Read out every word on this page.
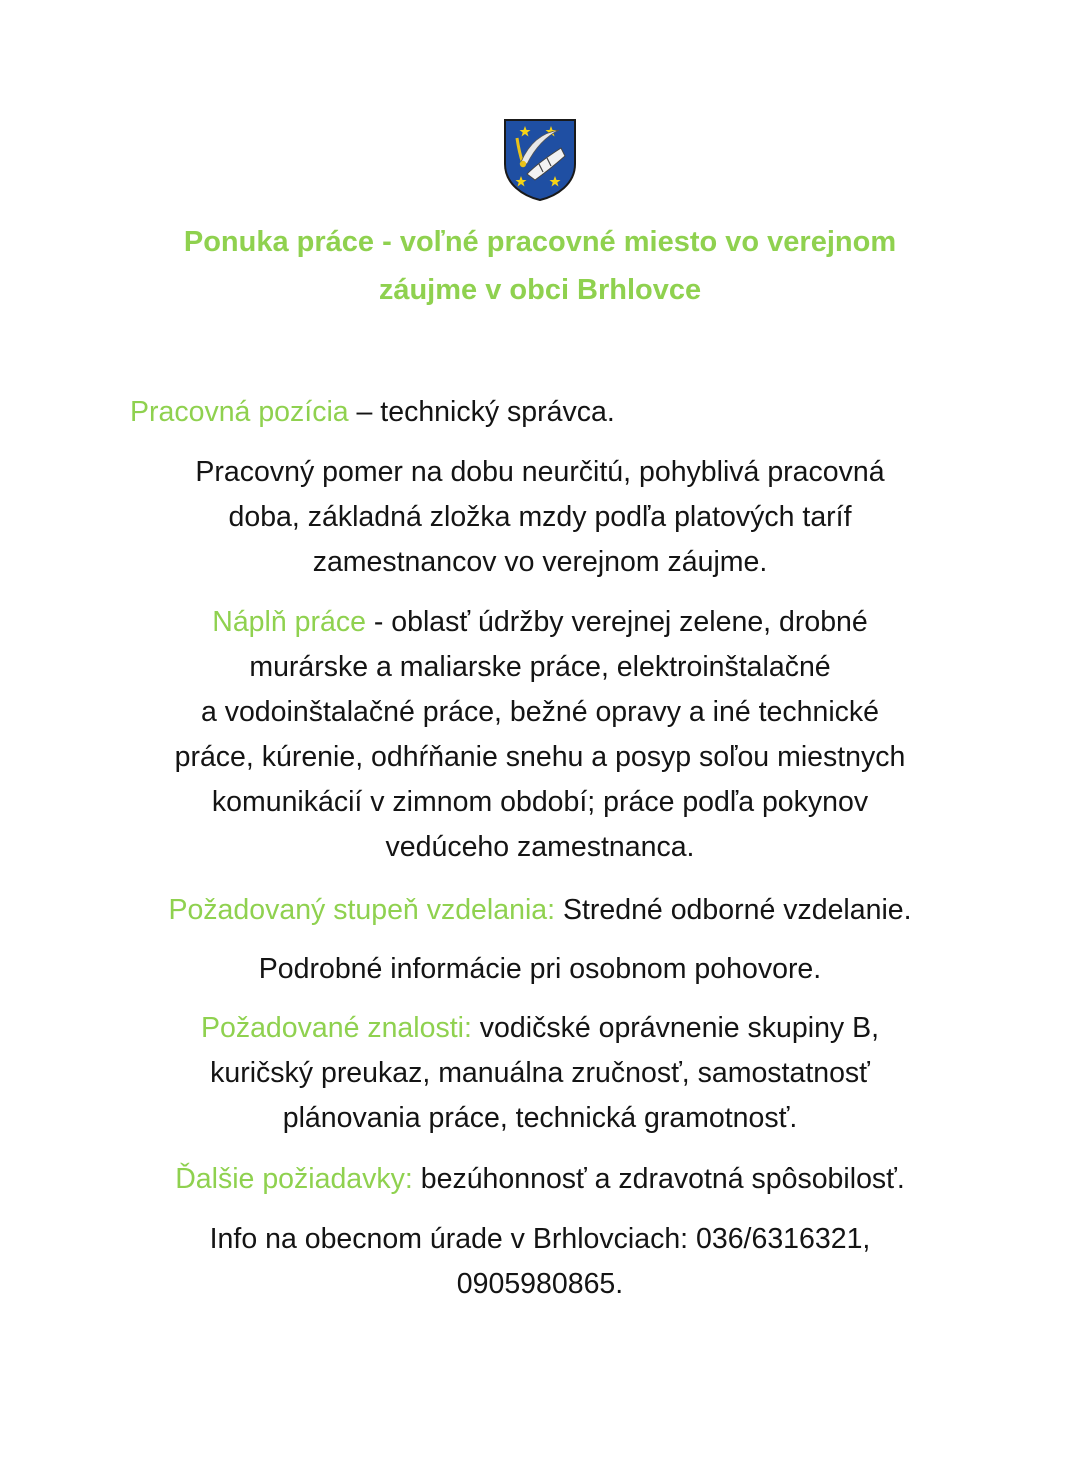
Ponuka práce - voľné pracovné miesto vo verejnom
záujme v obci Brhlovce
Pracovná pozícia – technický správca.
Pracovný pomer na dobu neurčitú, pohyblivá pracovná
doba, základná zložka mzdy podľa platových taríf
zamestnancov vo verejnom záujme.
Náplň práce - oblasť údržby verejnej zelene, drobné
murárske a maliarske práce, elektroinštalačné
a vodoinštalačné práce, bežné opravy a iné technické
práce, kúrenie, odhŕňanie snehu a posyp soľou miestnych
komunikácií v zimnom období; práce podľa pokynov
vedúceho zamestnanca.
Požadovaný stupeň vzdelania: Stredné odborné vzdelanie.
Podrobné informácie pri osobnom pohovore.
Požadované znalosti: vodičské oprávnenie skupiny B,
kuričský preukaz, manuálna zručnosť, samostatnosť
plánovania práce, technická gramotnosť.
Ďalšie požiadavky: bezúhonnosť a zdravotná spôsobilosť.
Info na obecnom úrade v Brhlovciach: 036/6316321,
0905980865.
